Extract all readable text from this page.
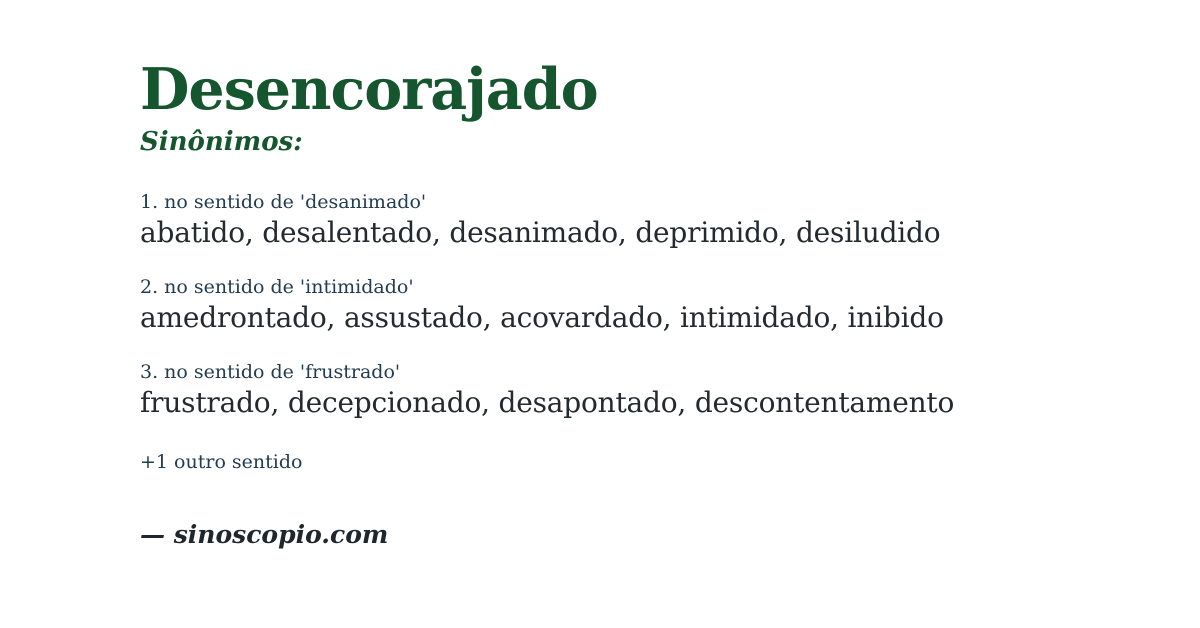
Desencorajado
Sinônimos:
1. no sentido de 'desanimado'
abatido, desalentado, desanimado, deprimido, desiludido
2. no sentido de 'intimidado'
amedrontado, assustado, acovardado, intimidado, inibido
3. no sentido de 'frustrado'
frustrado, decepcionado, desapontado, descontentamento
+1 outro sentido
— sinoscopio.com
